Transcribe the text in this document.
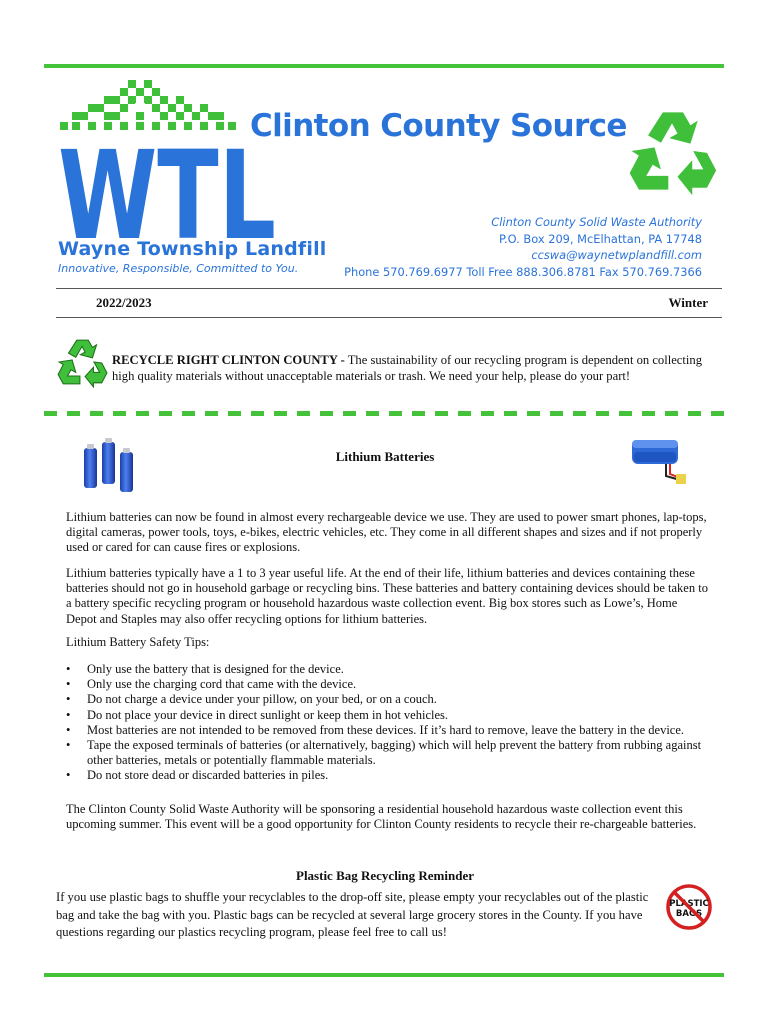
WTL
Wayne Township Landfill
Innovative, Responsible, Committed to You.
Clinton County Source
Clinton County Solid Waste Authority
P.O. Box 209, McElhattan, PA 17748
ccswa@waynetwplandfill.com
Phone 570.769.6977 Toll Free 888.306.8781 Fax 570.769.7366
2022/2023	Winter
RECYCLE RIGHT CLINTON COUNTY - The sustainability of our recycling program is dependent on collecting high quality materials without unacceptable materials or trash. We need your help, please do your part!
Lithium Batteries
Lithium batteries can now be found in almost every rechargeable device we use. They are used to power smart phones, lap-tops, digital cameras, power tools, toys, e-bikes, electric vehicles, etc. They come in all different shapes and sizes and if not properly used or cared for can cause fires or explosions.
Lithium batteries typically have a 1 to 3 year useful life. At the end of their life, lithium batteries and devices containing these batteries should not go in household garbage or recycling bins. These batteries and battery containing devices should be taken to a battery specific recycling program or household hazardous waste collection event. Big box stores such as Lowe’s, Home Depot and Staples may also offer recycling options for lithium batteries.
Lithium Battery Safety Tips:
• Only use the battery that is designed for the device.
• Only use the charging cord that came with the device.
• Do not charge a device under your pillow, on your bed, or on a couch.
• Do not place your device in direct sunlight or keep them in hot vehicles.
• Most batteries are not intended to be removed from these devices. If it’s hard to remove, leave the battery in the device.
• Tape the exposed terminals of batteries (or alternatively, bagging) which will help prevent the battery from rubbing against other batteries, metals or potentially flammable materials.
• Do not store dead or discarded batteries in piles.
The Clinton County Solid Waste Authority will be sponsoring a residential household hazardous waste collection event this upcoming summer. This event will be a good opportunity for Clinton County residents to recycle their re-chargeable batteries.
Plastic Bag Recycling Reminder
If you use plastic bags to shuffle your recyclables to the drop-off site, please empty your recyclables out of the plastic bag and take the bag with you. Plastic bags can be recycled at several large grocery stores in the County. If you have questions regarding our plastics recycling program, please feel free to call us!
PLASTIC
BAGS
